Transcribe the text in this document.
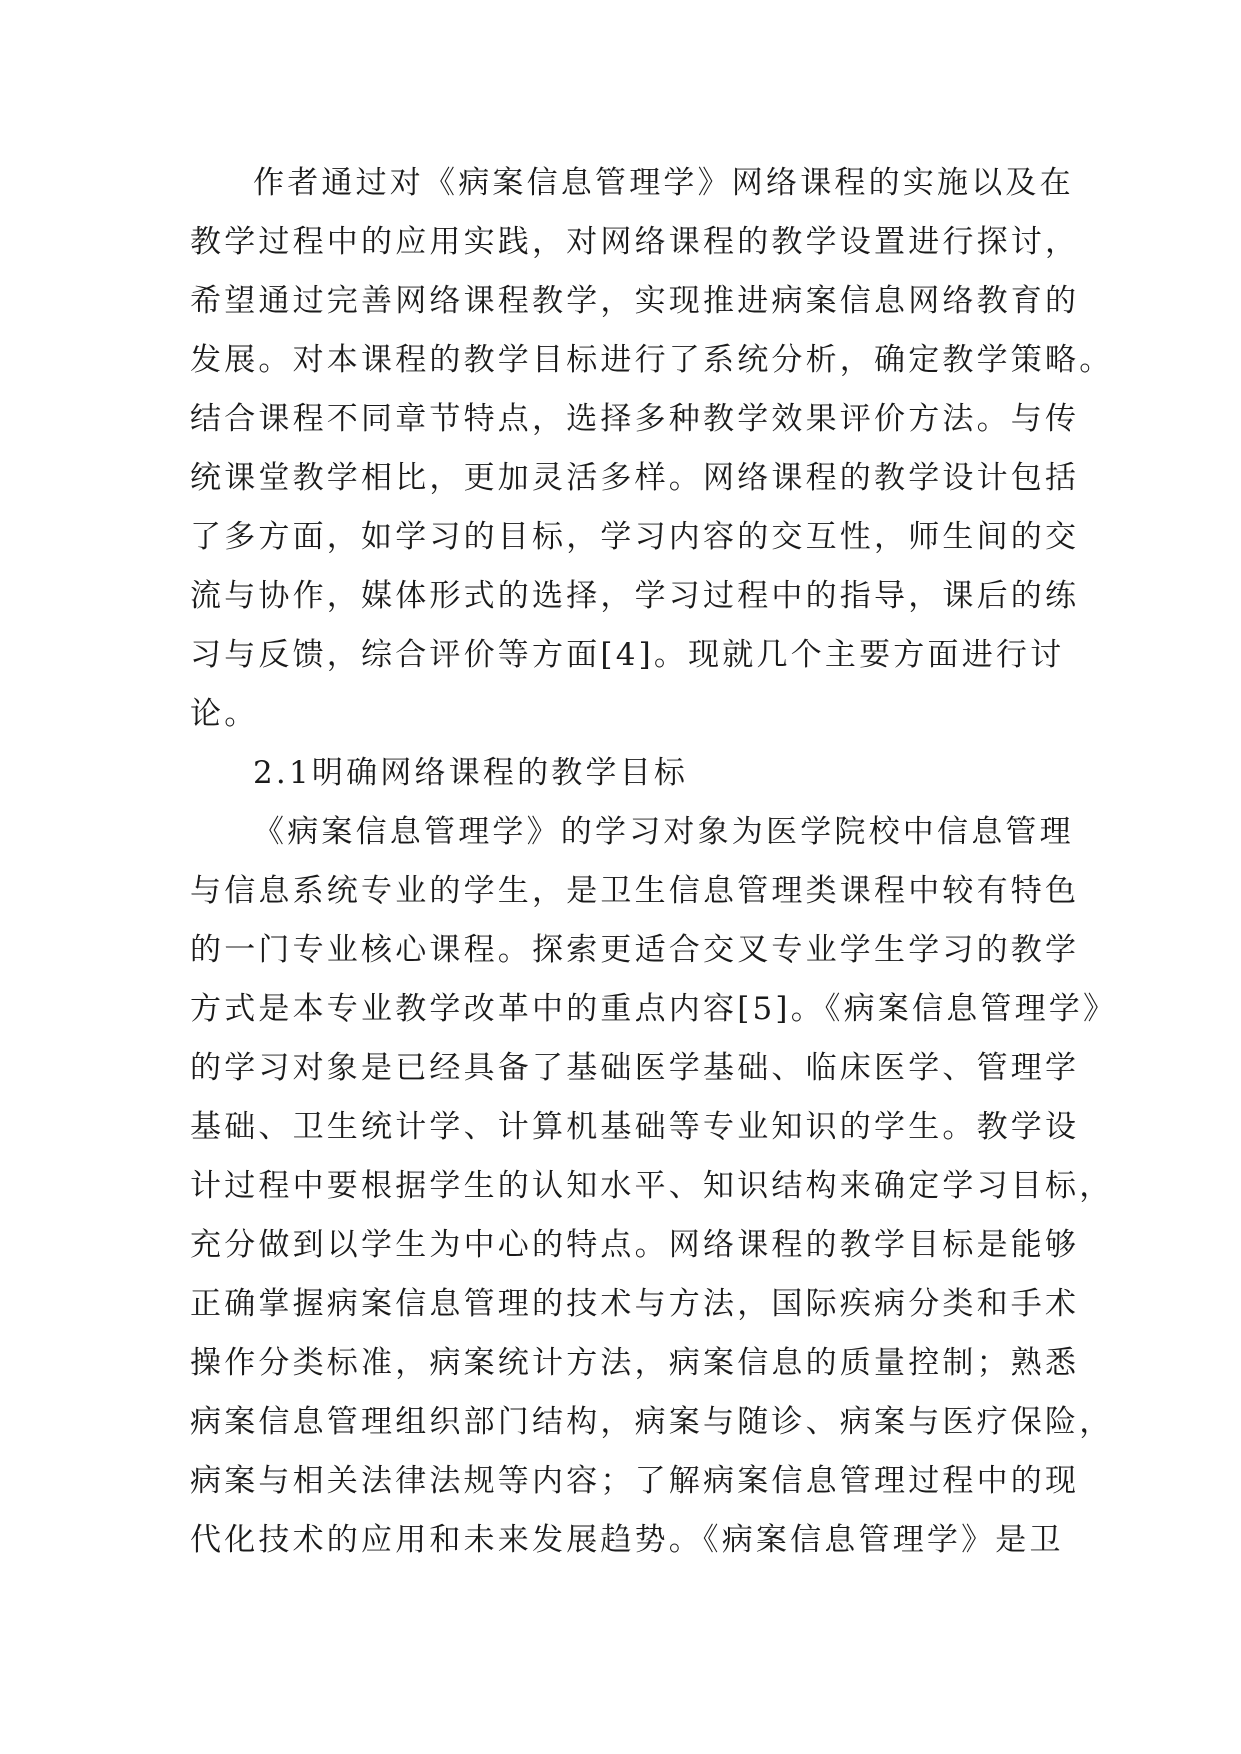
作者通过对《病案信息管理学》网络课程的实施以及在
教学过程中的应用实践，对网络课程的教学设置进行探讨，
希望通过完善网络课程教学，实现推进病案信息网络教育的
发展。对本课程的教学目标进行了系统分析，确定教学策略。
结合课程不同章节特点，选择多种教学效果评价方法。与传
统课堂教学相比，更加灵活多样。网络课程的教学设计包括
了多方面，如学习的目标，学习内容的交互性，师生间的交
流与协作，媒体形式的选择，学习过程中的指导，课后的练
习与反馈，综合评价等方面[4]。现就几个主要方面进行讨
论。
2.1明确网络课程的教学目标
《病案信息管理学》的学习对象为医学院校中信息管理
与信息系统专业的学生，是卫生信息管理类课程中较有特色
的一门专业核心课程。探索更适合交叉专业学生学习的教学
方式是本专业教学改革中的重点内容[5]。《病案信息管理学》
的学习对象是已经具备了基础医学基础、临床医学、管理学
基础、卫生统计学、计算机基础等专业知识的学生。教学设
计过程中要根据学生的认知水平、知识结构来确定学习目标，
充分做到以学生为中心的特点。网络课程的教学目标是能够
正确掌握病案信息管理的技术与方法，国际疾病分类和手术
操作分类标准，病案统计方法，病案信息的质量控制；熟悉
病案信息管理组织部门结构，病案与随诊、病案与医疗保险，
病案与相关法律法规等内容；了解病案信息管理过程中的现
代化技术的应用和未来发展趋势。《病案信息管理学》是卫
